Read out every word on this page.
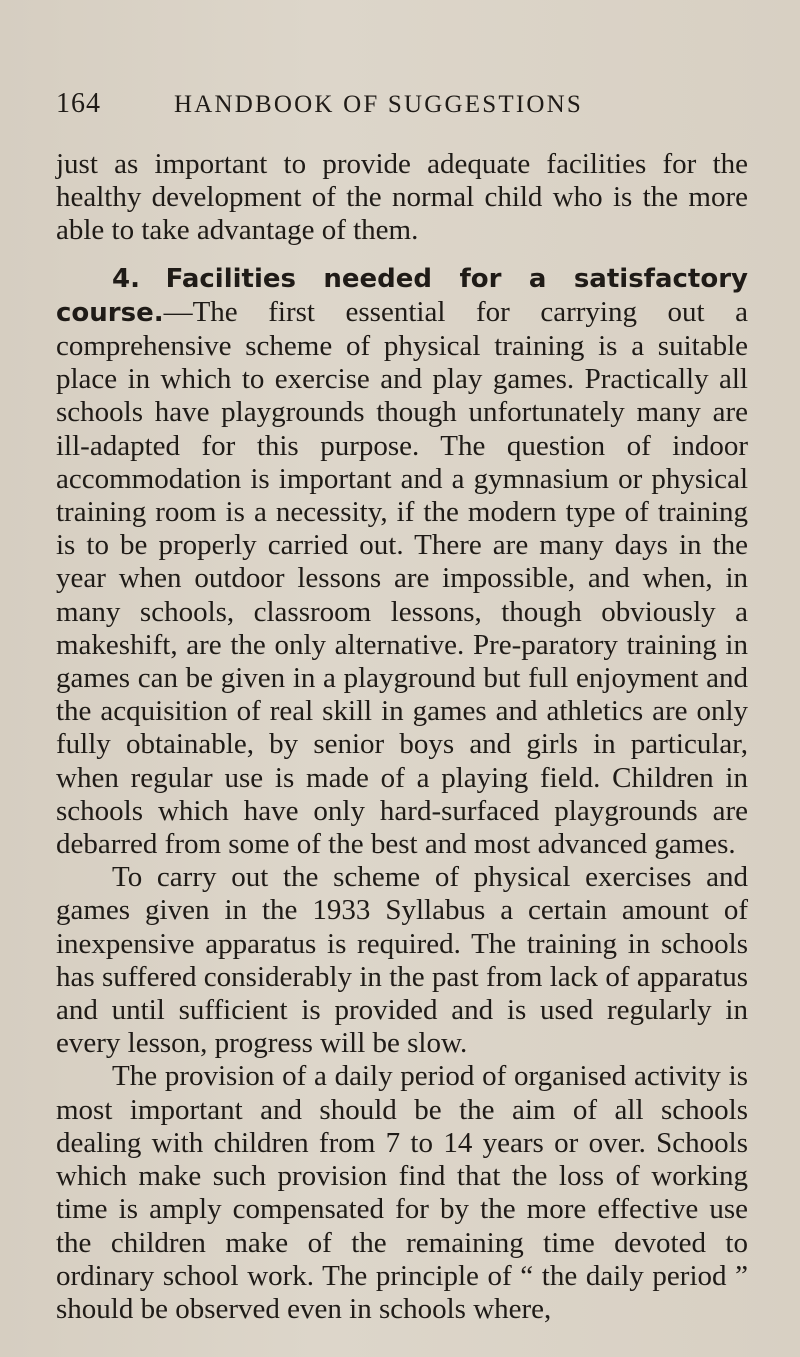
164	HANDBOOK OF SUGGESTIONS

just as important to provide adequate facilities for the healthy development of the normal child who is the more able to take advantage of them.

4. Facilities needed for a satisfactory course.—The first essential for carrying out a comprehensive scheme of physical training is a suitable place in which to exercise and play games. Practically all schools have playgrounds though unfortunately many are ill-adapted for this purpose. The question of indoor accommodation is important and a gymnasium or physical training room is a necessity, if the modern type of training is to be properly carried out. There are many days in the year when outdoor lessons are impossible, and when, in many schools, classroom lessons, though obviously a makeshift, are the only alternative. Pre-paratory training in games can be given in a playground but full enjoyment and the acquisition of real skill in games and athletics are only fully obtainable, by senior boys and girls in particular, when regular use is made of a playing field. Children in schools which have only hard-surfaced playgrounds are debarred from some of the best and most advanced games.

To carry out the scheme of physical exercises and games given in the 1933 Syllabus a certain amount of inexpensive apparatus is required. The training in schools has suffered considerably in the past from lack of apparatus and until sufficient is provided and is used regularly in every lesson, progress will be slow.

The provision of a daily period of organised activity is most important and should be the aim of all schools dealing with children from 7 to 14 years or over. Schools which make such provision find that the loss of working time is amply compensated for by the more effective use the children make of the remaining time devoted to ordinary school work. The principle of “ the daily period ” should be observed even in schools where,
